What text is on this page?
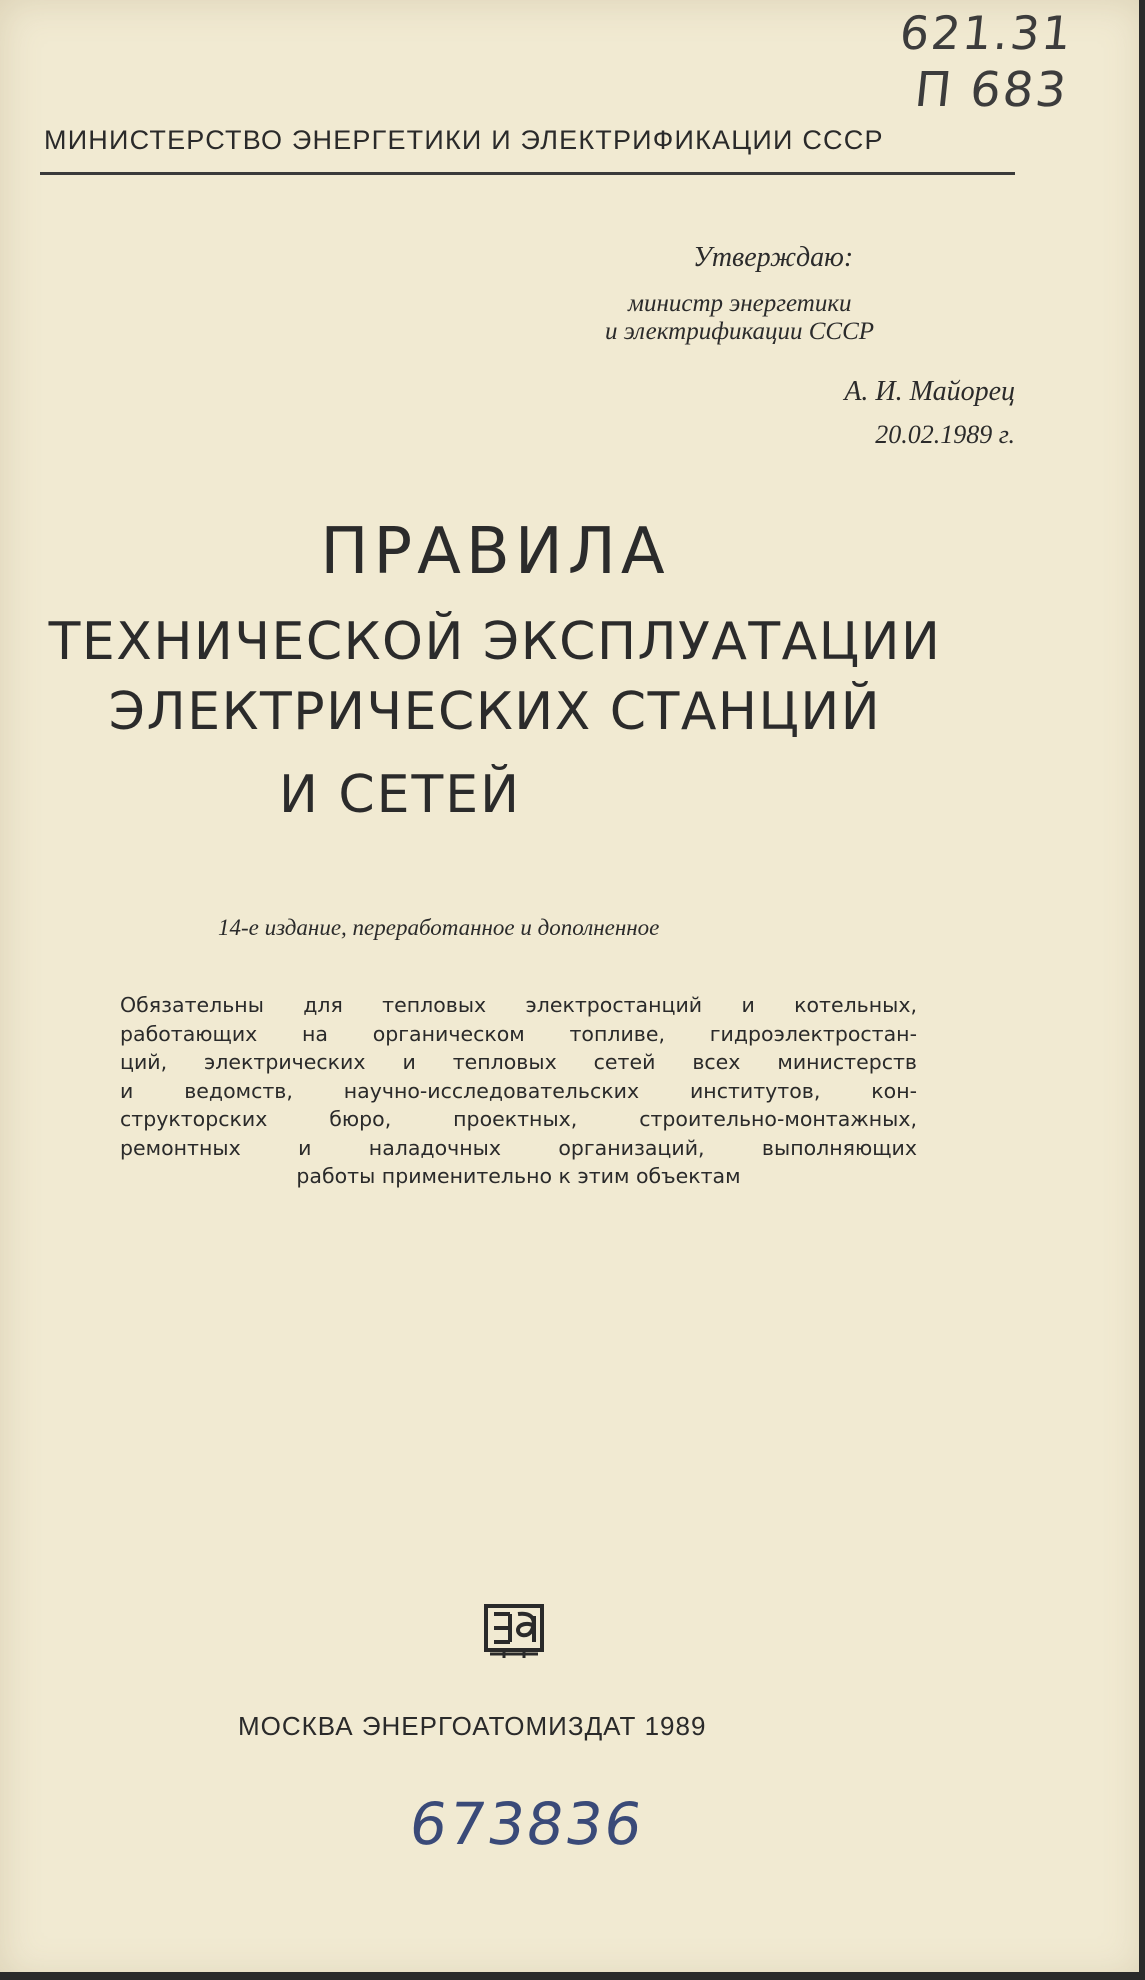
621.31
П 683
МИНИСТЕРСТВО ЭНЕРГЕТИКИ И ЭЛЕКТРИФИКАЦИИ СССР
Утверждаю:
министр энергетики
и электрификации СССР
А. И. Майорец
20.02.1989 г.
ПРАВИЛА
ТЕХНИЧЕСКОЙ ЭКСПЛУАТАЦИИ
ЭЛЕКТРИЧЕСКИХ СТАНЦИЙ
И СЕТЕЙ
14-е издание, переработанное и дополненное
Обязательны для тепловых электростанций и котельных,
работающих на органическом топливе, гидроэлектростан-
ций, электрических и тепловых сетей всех министерств
и ведомств, научно-исследовательских институтов, кон-
структорских бюро, проектных, строительно-монтажных,
ремонтных и наладочных организаций, выполняющих
работы применительно к этим объектам
МОСКВА ЭНЕРГОАТОМИЗДАТ 1989
673836
